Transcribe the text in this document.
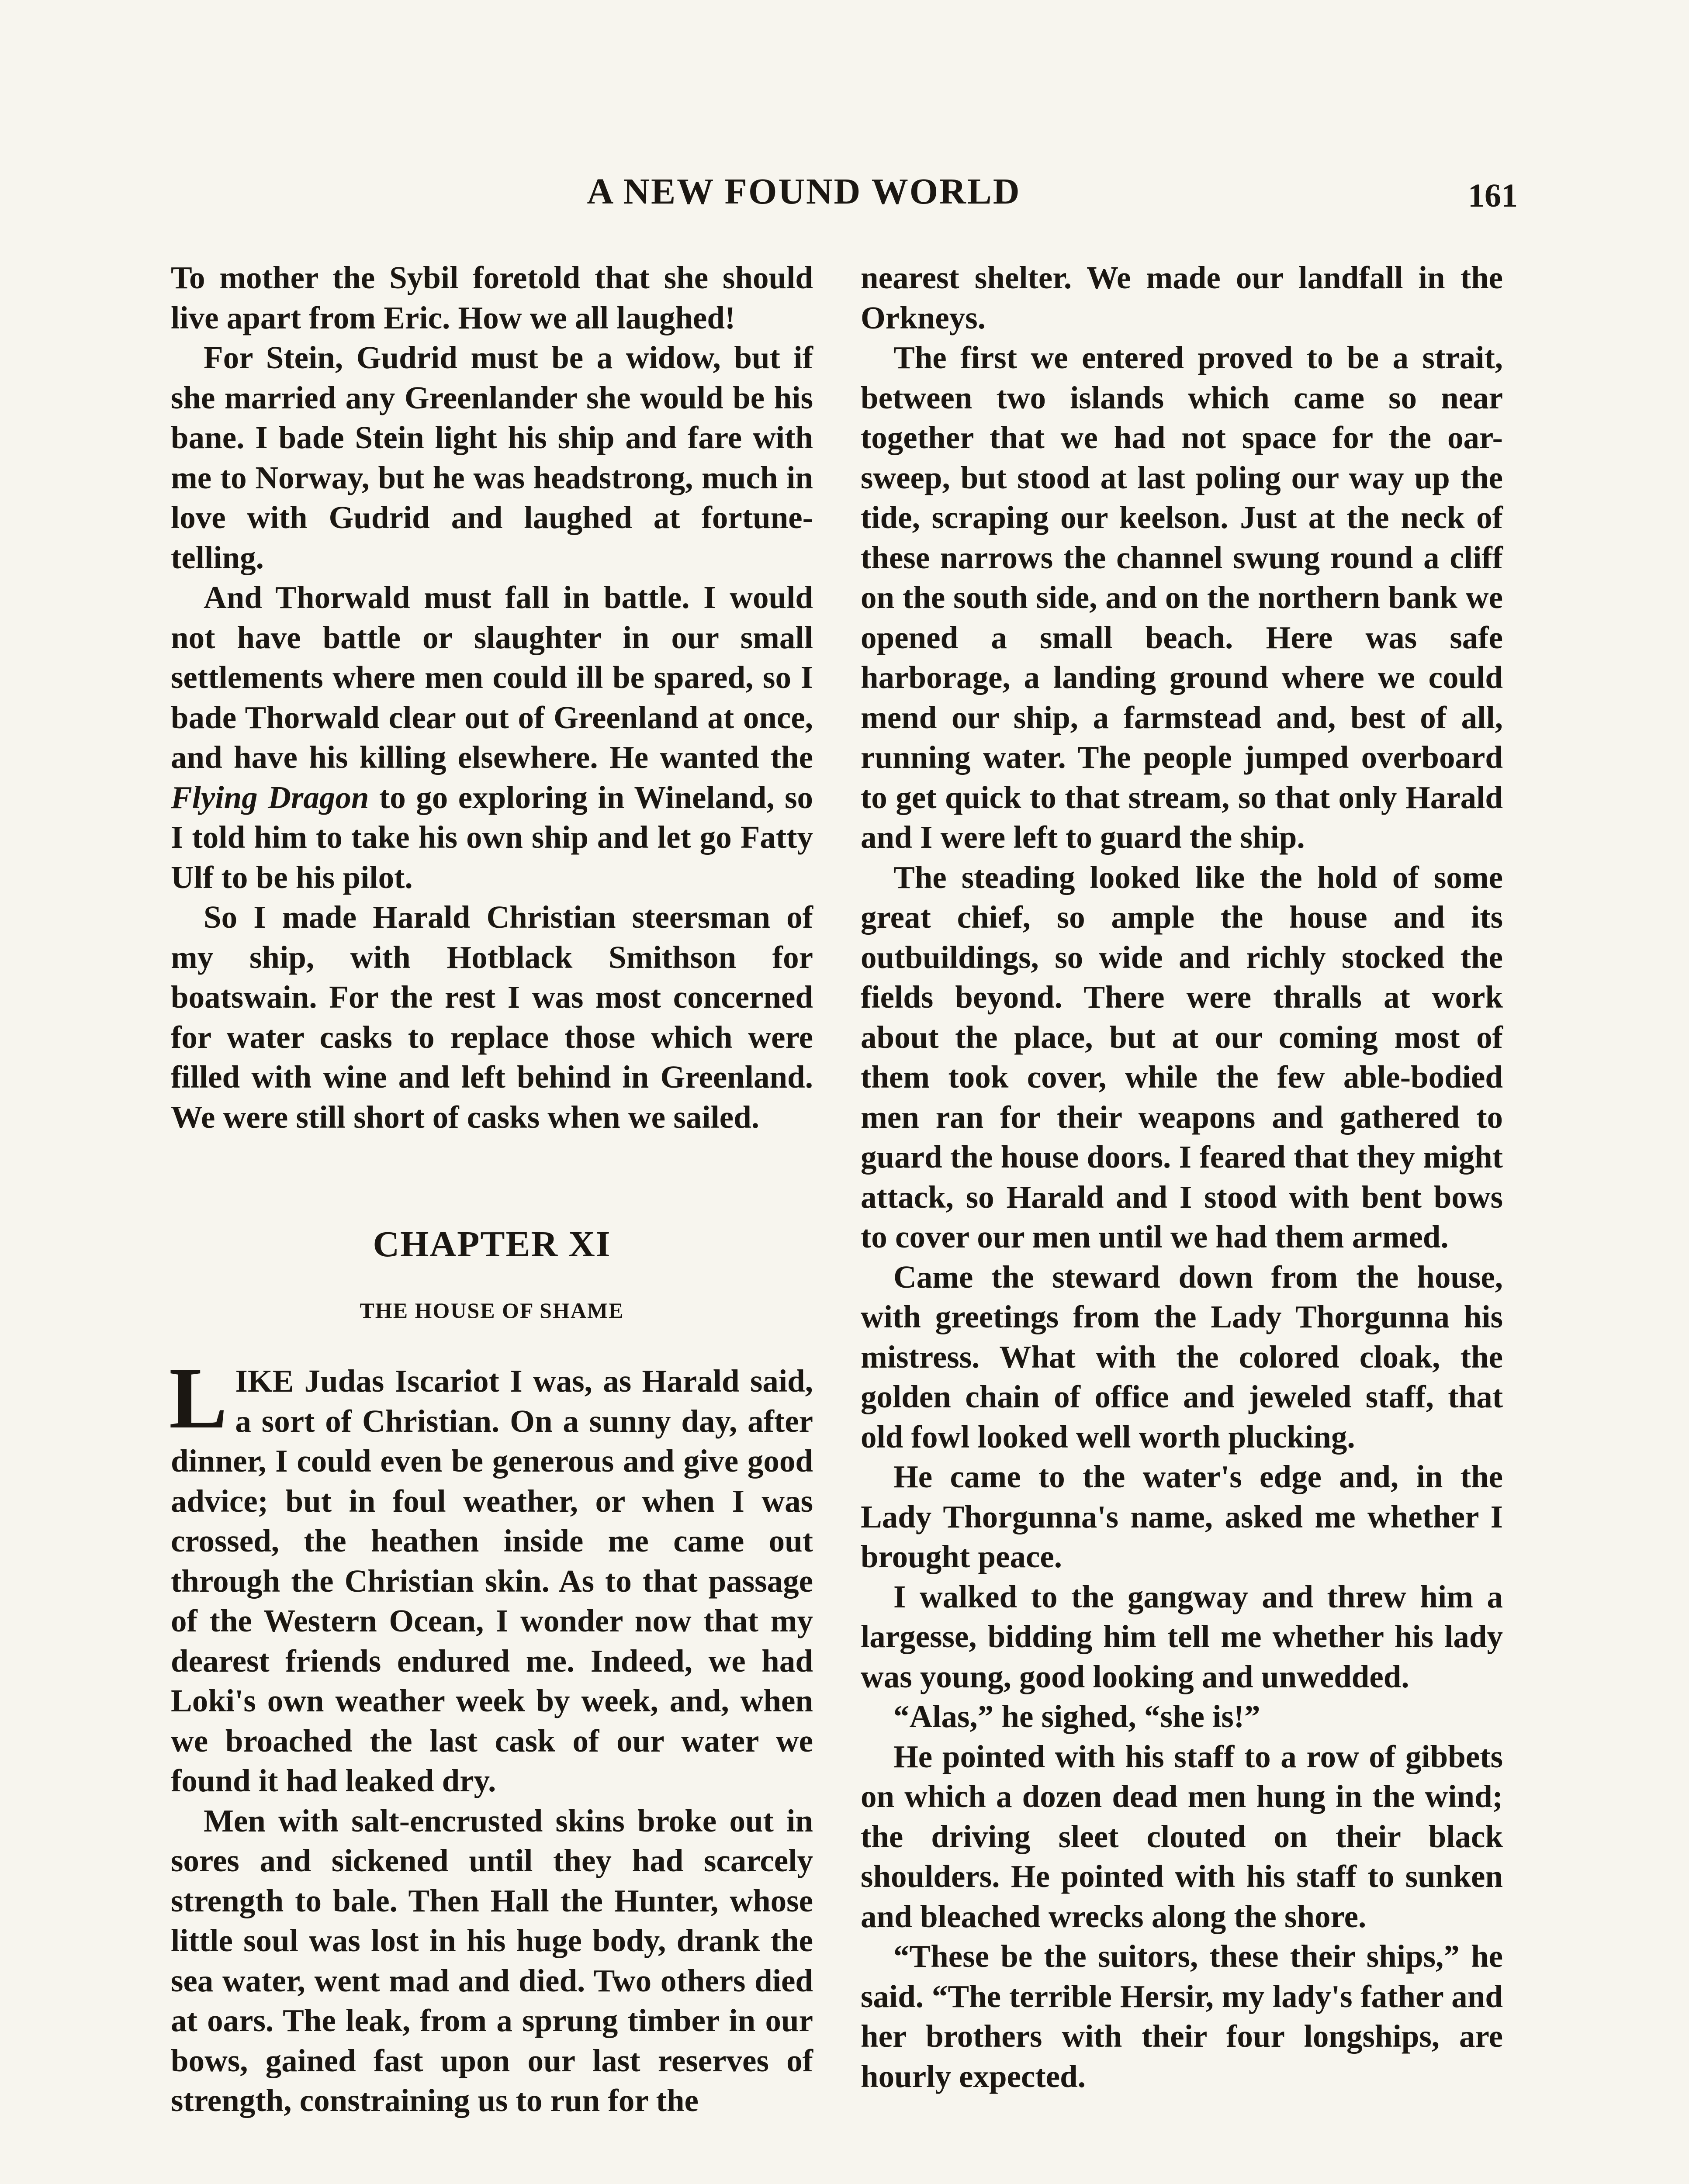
A NEW FOUND WORLD	161

To mother the Sybil foretold that she should live apart from Eric. How we all laughed!

For Stein, Gudrid must be a widow, but if she married any Greenlander she would be his bane. I bade Stein light his ship and fare with me to Norway, but he was headstrong, much in love with Gudrid and laughed at fortune-telling.

And Thorwald must fall in battle. I would not have battle or slaughter in our small settlements where men could ill be spared, so I bade Thorwald clear out of Greenland at once, and have his killing elsewhere. He wanted the Flying Dragon to go exploring in Wineland, so I told him to take his own ship and let go Fatty Ulf to be his pilot.

So I made Harald Christian steersman of my ship, with Hotblack Smithson for boatswain. For the rest I was most concerned for water casks to replace those which were filled with wine and left behind in Greenland. We were still short of casks when we sailed.

CHAPTER XI
THE HOUSE OF SHAME

LIKE Judas Iscariot I was, as Harald said, a sort of Christian. On a sunny day, after dinner, I could even be generous and give good advice; but in foul weather, or when I was crossed, the heathen inside me came out through the Christian skin. As to that passage of the Western Ocean, I wonder now that my dearest friends endured me. Indeed, we had Loki's own weather week by week, and, when we broached the last cask of our water we found it had leaked dry.

Men with salt-encrusted skins broke out in sores and sickened until they had scarcely strength to bale. Then Hall the Hunter, whose little soul was lost in his huge body, drank the sea water, went mad and died. Two others died at oars. The leak, from a sprung timber in our bows, gained fast upon our last reserves of strength, constraining us to run for the

nearest shelter. We made our landfall in the Orkneys.

The first we entered proved to be a strait, between two islands which came so near together that we had not space for the oar-sweep, but stood at last poling our way up the tide, scraping our keelson. Just at the neck of these narrows the channel swung round a cliff on the south side, and on the northern bank we opened a small beach. Here was safe harborage, a landing ground where we could mend our ship, a farmstead and, best of all, running water. The people jumped overboard to get quick to that stream, so that only Harald and I were left to guard the ship.

The steading looked like the hold of some great chief, so ample the house and its outbuildings, so wide and richly stocked the fields beyond. There were thralls at work about the place, but at our coming most of them took cover, while the few able-bodied men ran for their weapons and gathered to guard the house doors. I feared that they might attack, so Harald and I stood with bent bows to cover our men until we had them armed.

Came the steward down from the house, with greetings from the Lady Thorgunna his mistress. What with the colored cloak, the golden chain of office and jeweled staff, that old fowl looked well worth plucking.

He came to the water's edge and, in the Lady Thorgunna's name, asked me whether I brought peace.

I walked to the gangway and threw him a largesse, bidding him tell me whether his lady was young, good looking and unwedded.

“Alas,” he sighed, “she is!”

He pointed with his staff to a row of gibbets on which a dozen dead men hung in the wind; the driving sleet clouted on their black shoulders. He pointed with his staff to sunken and bleached wrecks along the shore.

“These be the suitors, these their ships,” he said. “The terrible Hersir, my lady's father and her brothers with their four longships, are hourly expected.
